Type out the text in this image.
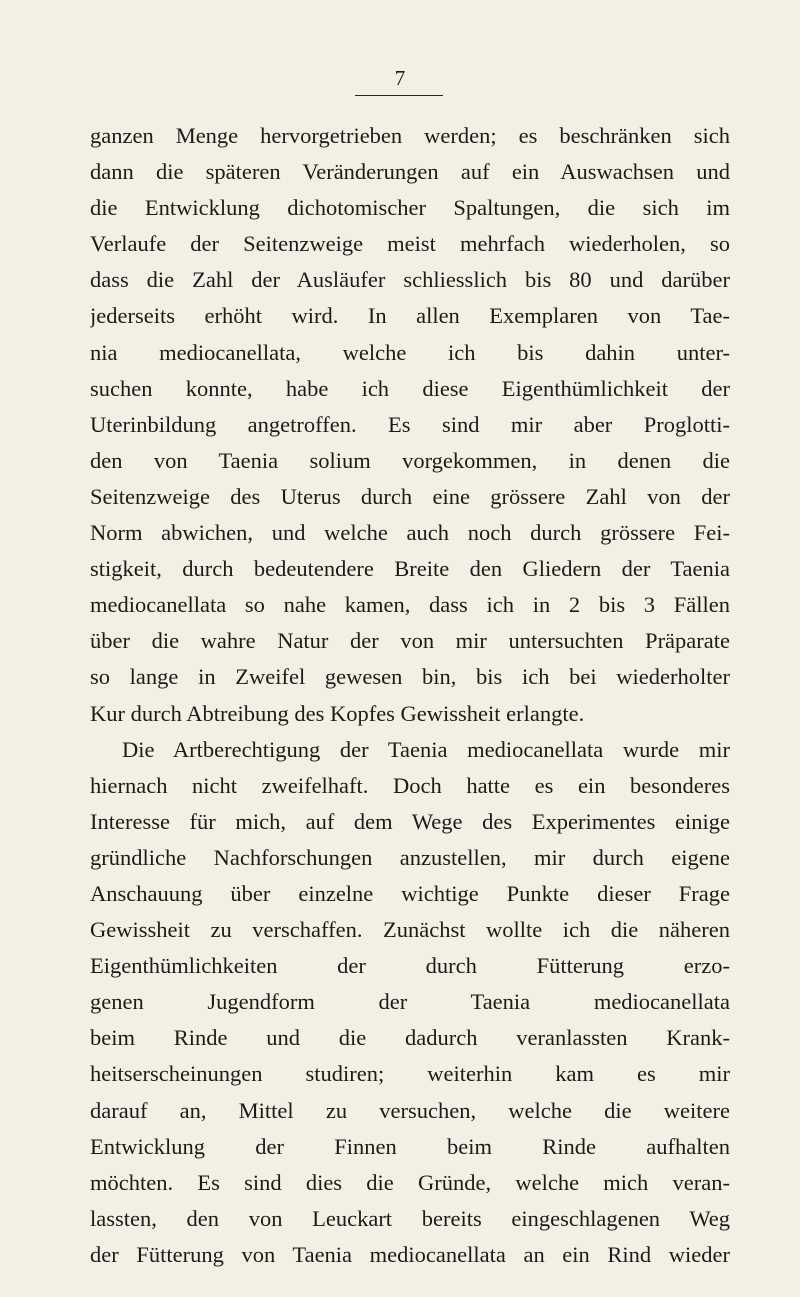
7
ganzen Menge hervorgetrieben werden; es beschränken sich
dann die späteren Veränderungen auf ein Auswachsen und
die Entwicklung dichotomischer Spaltungen, die sich im
Verlaufe der Seitenzweige meist mehrfach wiederholen, so
dass die Zahl der Ausläufer schliesslich bis 80 und darüber
jederseits erhöht wird. In allen Exemplaren von Tae-
nia mediocanellata, welche ich bis dahin unter-
suchen konnte, habe ich diese Eigenthümlichkeit der
Uterinbildung angetroffen. Es sind mir aber Proglotti-
den von Taenia solium vorgekommen, in denen die
Seitenzweige des Uterus durch eine grössere Zahl von der
Norm abwichen, und welche auch noch durch grössere Fei-
stigkeit, durch bedeutendere Breite den Gliedern der Taenia
mediocanellata so nahe kamen, dass ich in 2 bis 3 Fällen
über die wahre Natur der von mir untersuchten Präparate
so lange in Zweifel gewesen bin, bis ich bei wiederholter
Kur durch Abtreibung des Kopfes Gewissheit erlangte.
Die Artberechtigung der Taenia mediocanellata wurde mir
hiernach nicht zweifelhaft. Doch hatte es ein besonderes
Interesse für mich, auf dem Wege des Experimentes einige
gründliche Nachforschungen anzustellen, mir durch eigene
Anschauung über einzelne wichtige Punkte dieser Frage
Gewissheit zu verschaffen. Zunächst wollte ich die näheren
Eigenthümlichkeiten der durch Fütterung erzo-
genen Jugendform der Taenia mediocanellata
beim Rinde und die dadurch veranlassten Krank-
heitserscheinungen studiren; weiterhin kam es mir
darauf an, Mittel zu versuchen, welche die weitere
Entwicklung der Finnen beim Rinde aufhalten
möchten. Es sind dies die Gründe, welche mich veran-
lassten, den von Leuckart bereits eingeschlagenen Weg
der Fütterung von Taenia mediocanellata an ein Rind wieder
